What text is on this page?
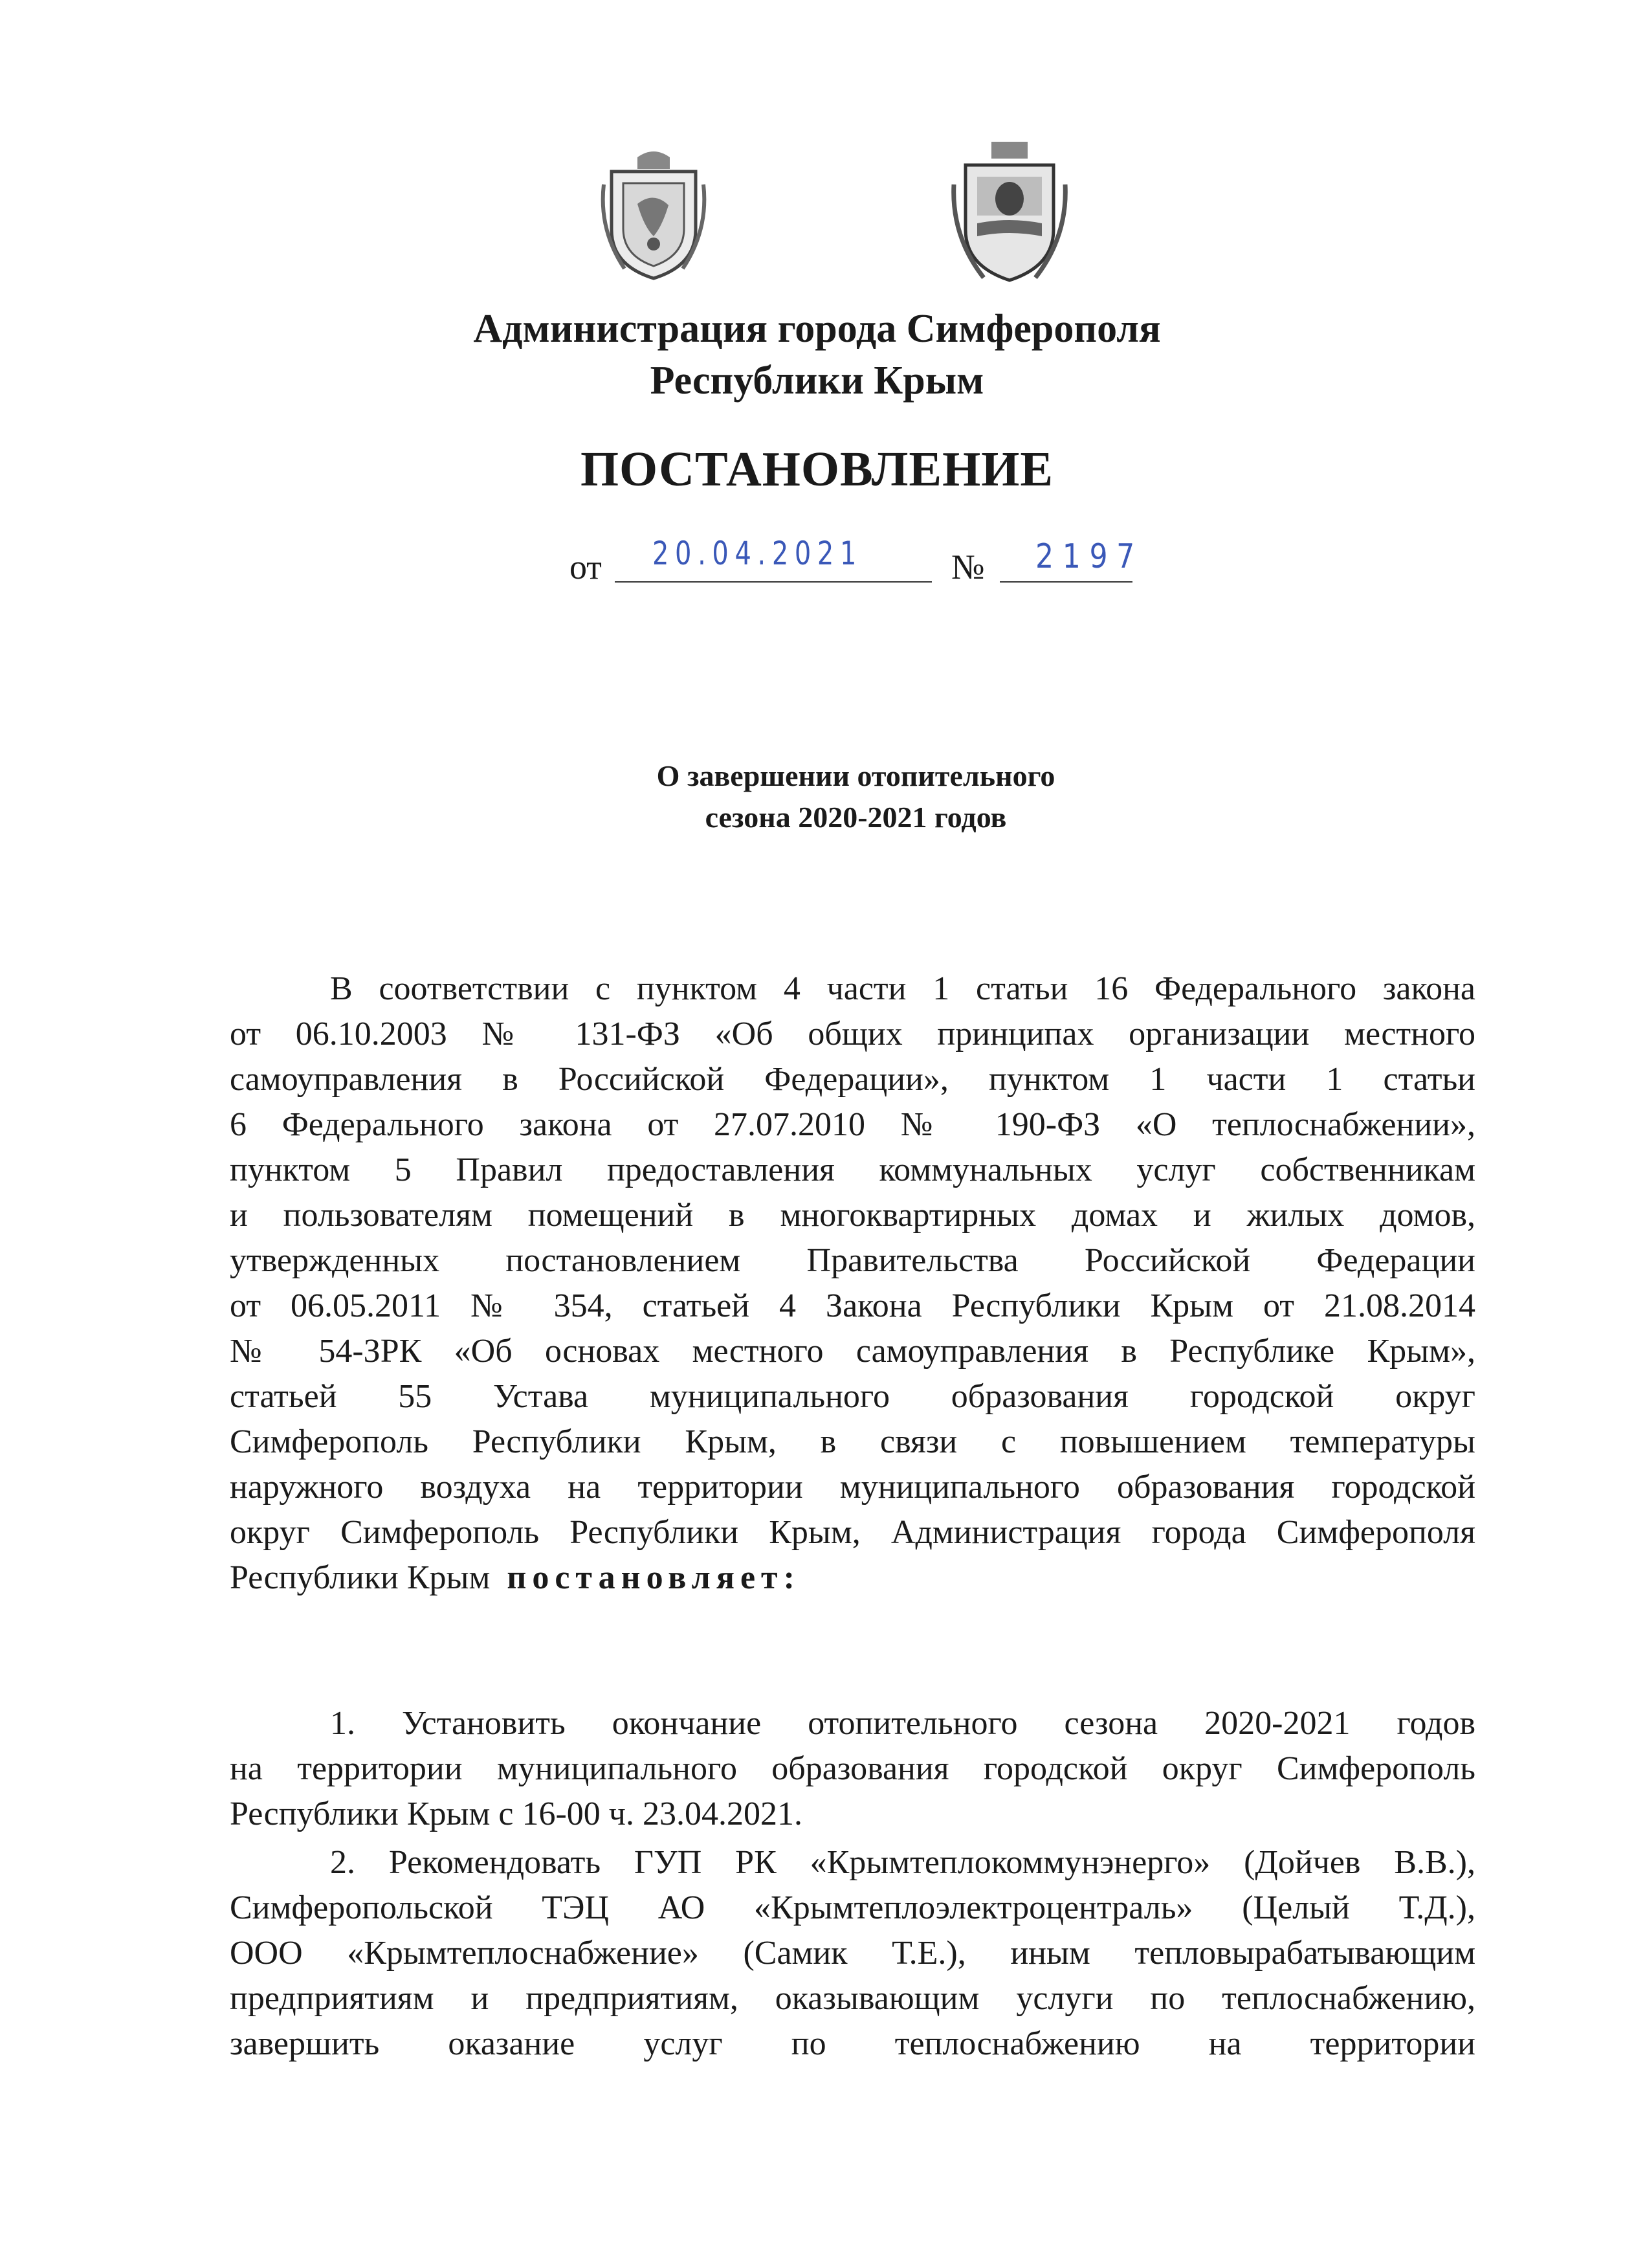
Администрация города Симферополя
Республики Крым
ПОСТАНОВЛЕНИЕ
от 20.04.2021	№ 2197
О завершении отопительного
сезона 2020-2021 годов
В соответствии с пунктом 4 части 1 статьи 16 Федерального закона
от 06.10.2003 № 131-ФЗ «Об общих принципах организации местного
самоуправления в Российской Федерации», пунктом 1 части 1 статьи
6 Федерального закона от 27.07.2010 № 190-ФЗ «О теплоснабжении»,
пунктом 5 Правил предоставления коммунальных услуг собственникам
и пользователям помещений в многоквартирных домах и жилых домов,
утвержденных постановлением Правительства Российской Федерации
от 06.05.2011 № 354, статьей 4 Закона Республики Крым от 21.08.2014
№ 54-ЗРК «Об основах местного самоуправления в Республике Крым»,
статьей 55 Устава муниципального образования городской округ
Симферополь Республики Крым, в связи с повышением температуры
наружного воздуха на территории муниципального образования городской
округ Симферополь Республики Крым, Администрация города Симферополя
Республики Крым постановляет:
1. Установить окончание отопительного сезона 2020-2021 годов
на территории муниципального образования городской округ Симферополь
Республики Крым с 16-00 ч. 23.04.2021.
2. Рекомендовать ГУП РК «Крымтеплокоммунэнерго» (Дойчев В.В.),
Симферопольской ТЭЦ АО «Крымтеплоэлектроцентраль» (Целый Т.Д.),
ООО «Крымтеплоснабжение» (Самик Т.Е.), иным тепловырабатывающим
предприятиям и предприятиям, оказывающим услуги по теплоснабжению,
завершить оказание услуг по теплоснабжению на территории
